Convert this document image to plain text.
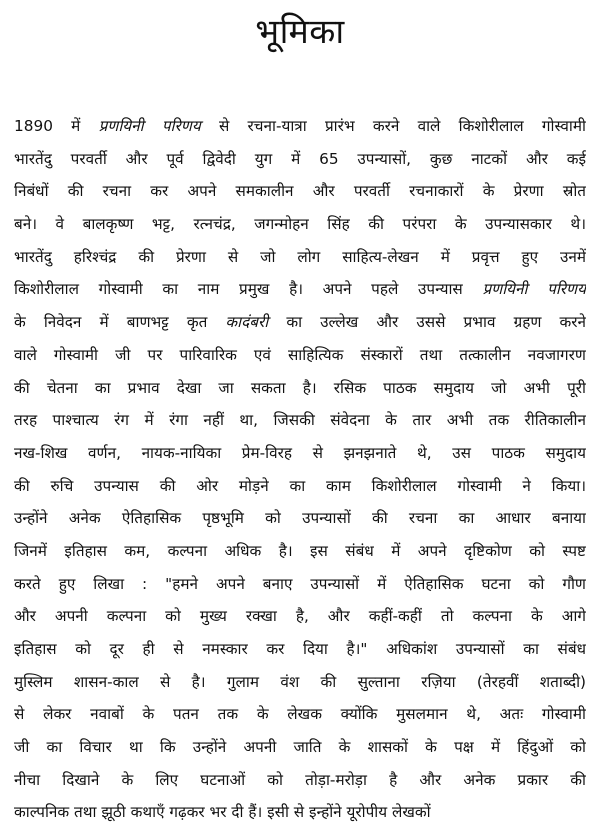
भूमिका
1890 में प्रणयिनी परिणय से रचना-यात्रा प्रारंभ करने वाले किशोरीलाल गोस्वामी
भारतेंदु परवर्ती और पूर्व द्विवेदी युग में 65 उपन्यासों, कुछ नाटकों और कई
निबंधों की रचना कर अपने समकालीन और परवर्ती रचनाकारों के प्रेरणा स्रोत
बने। वे बालकृष्ण भट्ट, रत्नचंद्र, जगन्मोहन सिंह की परंपरा के उपन्यासकार थे।
भारतेंदु हरिश्चंद्र की प्रेरणा से जो लोग साहित्य-लेखन में प्रवृत्त हुए उनमें
किशोरीलाल गोस्वामी का नाम प्रमुख है। अपने पहले उपन्यास प्रणयिनी परिणय
के निवेदन में बाणभट्ट कृत कादंबरी का उल्लेख और उससे प्रभाव ग्रहण करने
वाले गोस्वामी जी पर पारिवारिक एवं साहित्यिक संस्कारों तथा तत्कालीन नवजागरण
की चेतना का प्रभाव देखा जा सकता है। रसिक पाठक समुदाय जो अभी पूरी
तरह पाश्चात्य रंग में रंगा नहीं था, जिसकी संवेदना के तार अभी तक रीतिकालीन
नख-शिख वर्णन, नायक-नायिका प्रेम-विरह से झनझनाते थे, उस पाठक समुदाय
की रुचि उपन्यास की ओर मोड़ने का काम किशोरीलाल गोस्वामी ने किया।
उन्होंने अनेक ऐतिहासिक पृष्ठभूमि को उपन्यासों की रचना का आधार बनाया
जिनमें इतिहास कम, कल्पना अधिक है। इस संबंध में अपने दृष्टिकोण को स्पष्ट
करते हुए लिखा : "हमने अपने बनाए उपन्यासों में ऐतिहासिक घटना को गौण
और अपनी कल्पना को मुख्य रक्खा है, और कहीं-कहीं तो कल्पना के आगे
इतिहास को दूर ही से नमस्कार कर दिया है।" अधिकांश उपन्यासों का संबंध
मुस्लिम शासन-काल से है। गुलाम वंश की सुल्ताना रज़िया (तेरहवीं शताब्दी)
से लेकर नवाबों के पतन तक के लेखक क्योंकि मुसलमान थे, अतः गोस्वामी
जी का विचार था कि उन्होंने अपनी जाति के शासकों के पक्ष में हिंदुओं को
नीचा दिखाने के लिए घटनाओं को तोड़ा-मरोड़ा है और अनेक प्रकार की
काल्पनिक तथा झूठी कथाएँ गढ़कर भर दी हैं। इसी से इन्होंने यूरोपीय लेखकों
